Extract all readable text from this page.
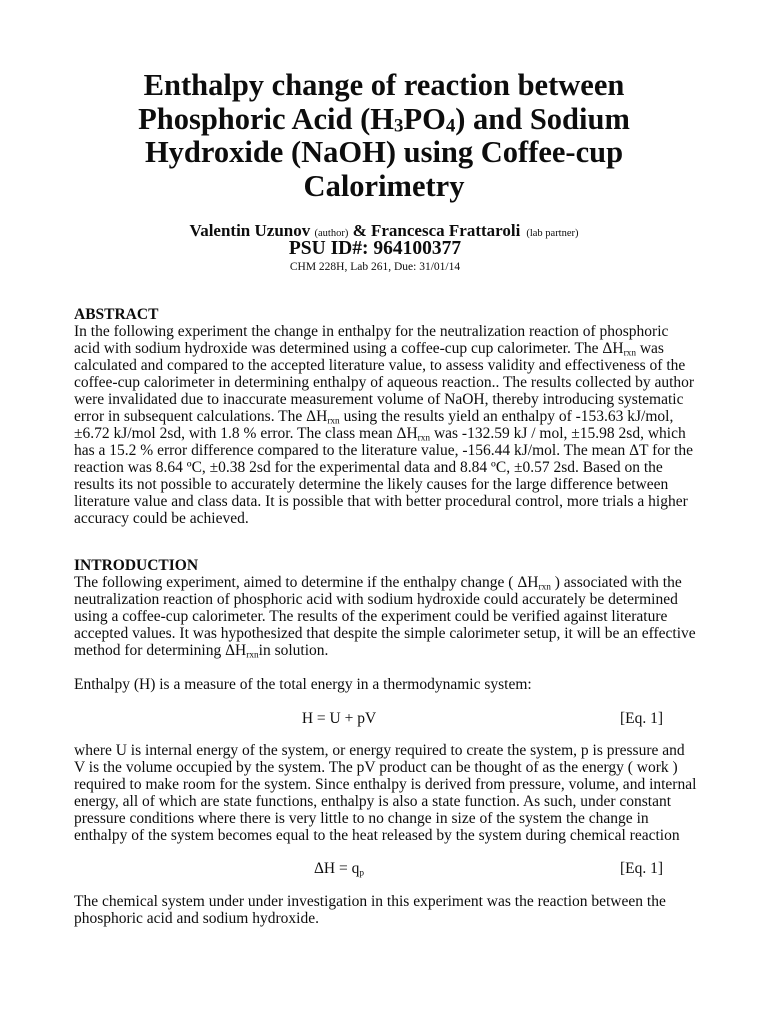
Enthalpy change of reaction between
Phosphoric Acid $(H_3PO_4)$ and Sodium
Hydroxide (NaOH) using Coffee-cup
Calorimetry
Valentin Uzunov (author) & Francesca Frattaroli (lab partner)
PSU ID#: 964100377
CHM 228H, Lab 261, Due: 31/01/14
ABSTRACT
In the following experiment the change in enthalpy for the neutralization reaction of phosphoric
acid with sodium hydroxide was determined using a coffee-cup cup calorimeter. The $\Delta H_{rxn}$ was
calculated and compared to the accepted literature value, to assess validity and effectiveness of the
coffee-cup calorimeter in determining enthalpy of aqueous reaction.. The results collected by author
were invalidated due to inaccurate measurement volume of NaOH, thereby introducing systematic
error in subsequent calculations. The $\Delta H_{rxn}$ using the results yield an enthalpy of -153.63 kJ/mol,
±6.72 kJ/mol 2sd, with 1.8 % error. The class mean $\Delta H_{rxn}$ was -132.59 kJ / mol, ±15.98 2sd, which
has a 15.2 % error difference compared to the literature value, -156.44 kJ/mol. The mean ΔT for the
reaction was 8.64 ºC, ±0.38 2sd for the experimental data and 8.84 ºC, ±0.57 2sd. Based on the
results its not possible to accurately determine the likely causes for the large difference between
literature value and class data. It is possible that with better procedural control, more trials a higher
accuracy could be achieved.
INTRODUCTION
The following experiment, aimed to determine if the enthalpy change ( $\Delta H_{rxn}$ ) associated with the
neutralization reaction of phosphoric acid with sodium hydroxide could accurately be determined
using a coffee-cup calorimeter. The results of the experiment could be verified against literature
accepted values. It was hypothesized that despite the simple calorimeter setup, it will be an effective
method for determining $\Delta H_{rxn}in$ solution.
Enthalpy (H) is a measure of the total energy in a thermodynamic system:
H = U + pV	[Eq. 1]
where U is internal energy of the system, or energy required to create the system, p is pressure and
V is the volume occupied by the system. The pV product can be thought of as the energy ( work )
required to make room for the system. Since enthalpy is derived from pressure, volume, and internal
energy, all of which are state functions, enthalpy is also a state function. As such, under constant
pressure conditions where there is very little to no change in size of the system the change in
enthalpy of the system becomes equal to the heat released by the system during chemical reaction
$\Delta H = q_p$	[Eq. 1]
The chemical system under under investigation in this experiment was the reaction between the
phosphoric acid and sodium hydroxide.
